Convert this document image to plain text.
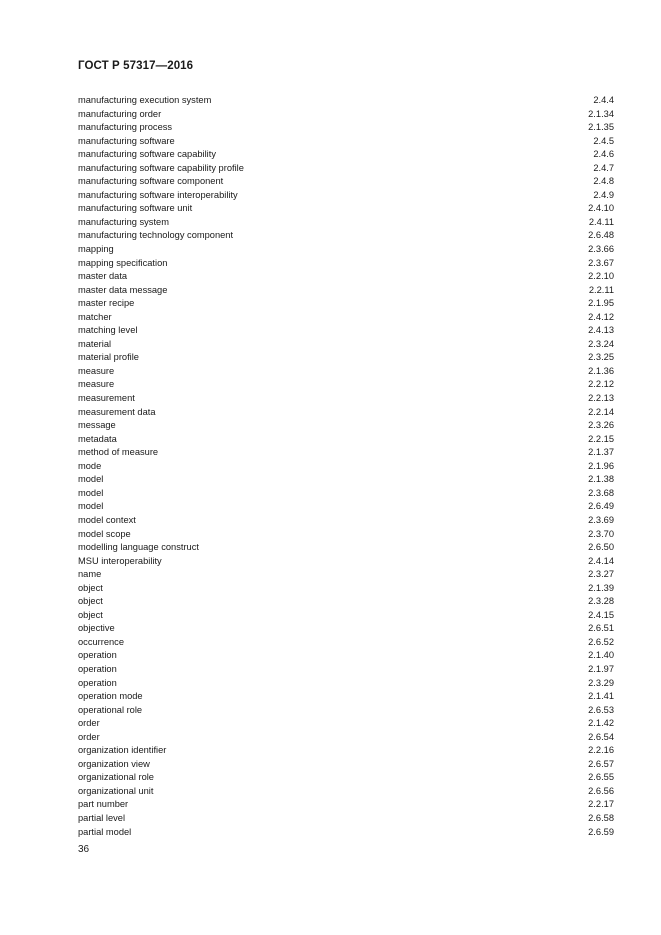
ГОСТ Р 57317—2016
manufacturing execution system	2.4.4
manufacturing order	2.1.34
manufacturing process	2.1.35
manufacturing software	2.4.5
manufacturing software capability	2.4.6
manufacturing software capability profile	2.4.7
manufacturing software component	2.4.8
manufacturing software interoperability	2.4.9
manufacturing software unit	2.4.10
manufacturing system	2.4.11
manufacturing technology component	2.6.48
mapping	2.3.66
mapping specification	2.3.67
master data	2.2.10
master data message	2.2.11
master recipe	2.1.95
matcher	2.4.12
matching level	2.4.13
material	2.3.24
material profile	2.3.25
measure	2.1.36
measure	2.2.12
measurement	2.2.13
measurement data	2.2.14
message	2.3.26
metadata	2.2.15
method of measure	2.1.37
mode	2.1.96
model	2.1.38
model	2.3.68
model	2.6.49
model context	2.3.69
model scope	2.3.70
modelling language construct	2.6.50
MSU interoperability	2.4.14
name	2.3.27
object	2.1.39
object	2.3.28
object	2.4.15
objective	2.6.51
occurrence	2.6.52
operation	2.1.40
operation	2.1.97
operation	2.3.29
operation mode	2.1.41
operational role	2.6.53
order	2.1.42
order	2.6.54
organization identifier	2.2.16
organization view	2.6.57
organizational role	2.6.55
organizational unit	2.6.56
part number	2.2.17
partial level	2.6.58
partial model	2.6.59
36
